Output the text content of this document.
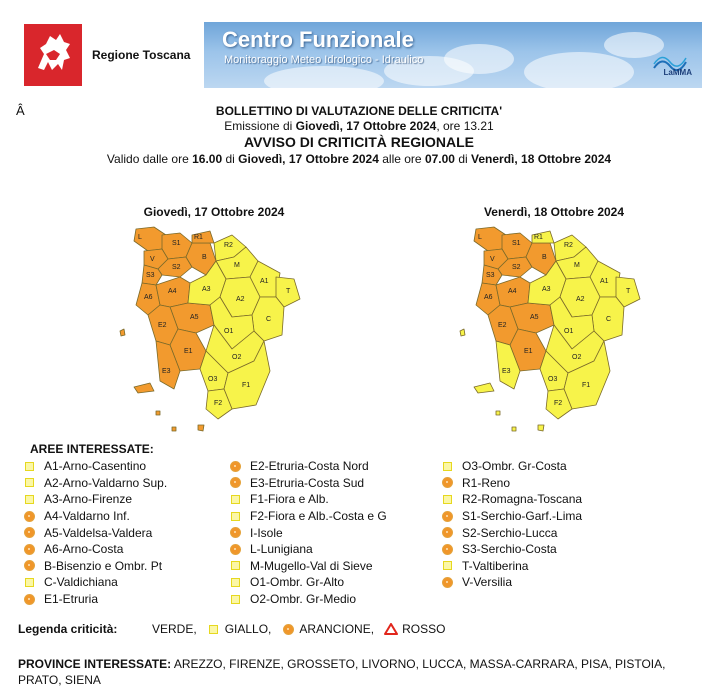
Regione Toscana
Centro Funzionale
Monitoraggio Meteo Idrologico - Idraulico
LaMMA
Â	BOLLETTINO DI VALUTAZIONE DELLE CRITICITA'
Emissione di Giovedì, 17 Ottobre 2024, ore 13.21
AVVISO DI CRITICITÀ REGIONALE
Valido dalle ore 16.00 di Giovedì, 17 Ottobre 2024 alle ore 07.00 di Venerdì, 18 Ottobre 2024
Giovedì, 17 Ottobre 2024
L
S1
V
S2
S3
B
R1
A6
A4
A5
E2
E1
E3
R2
M
A3
A1
T
A2
C
O1
O2
O3
F1
F2
Venerdì, 18 Ottobre 2024
L
S1
V
S2
S3
B
R1
A6
A4
A5
E2
E1
E3
R2
M
A3
A1
T
A2
C
O1
O2
O3
F1
F2
AREE INTERESSATE:
A1-Arno-Casentino
A2-Arno-Valdarno Sup.
A3-Arno-Firenze
A4-Valdarno Inf.
A5-Valdelsa-Valdera
A6-Arno-Costa
B-Bisenzio e Ombr. Pt
C-Valdichiana
E1-Etruria
E2-Etruria-Costa Nord
E3-Etruria-Costa Sud
F1-Fiora e Alb.
F2-Fiora e Alb.-Costa e G
I-Isole
L-Lunigiana
M-Mugello-Val di Sieve
O1-Ombr. Gr-Alto
O2-Ombr. Gr-Medio
O3-Ombr. Gr-Costa
R1-Reno
R2-Romagna-Toscana
S1-Serchio-Garf.-Lima
S2-Serchio-Lucca
S3-Serchio-Costa
T-Valtiberina
V-Versilia
Legenda criticità:	VERDE, GIALLO, ARANCIONE, ROSSO
PROVINCE INTERESSATE: AREZZO, FIRENZE, GROSSETO, LIVORNO, LUCCA, MASSA-CARRARA, PISA, PISTOIA, PRATO, SIENA
